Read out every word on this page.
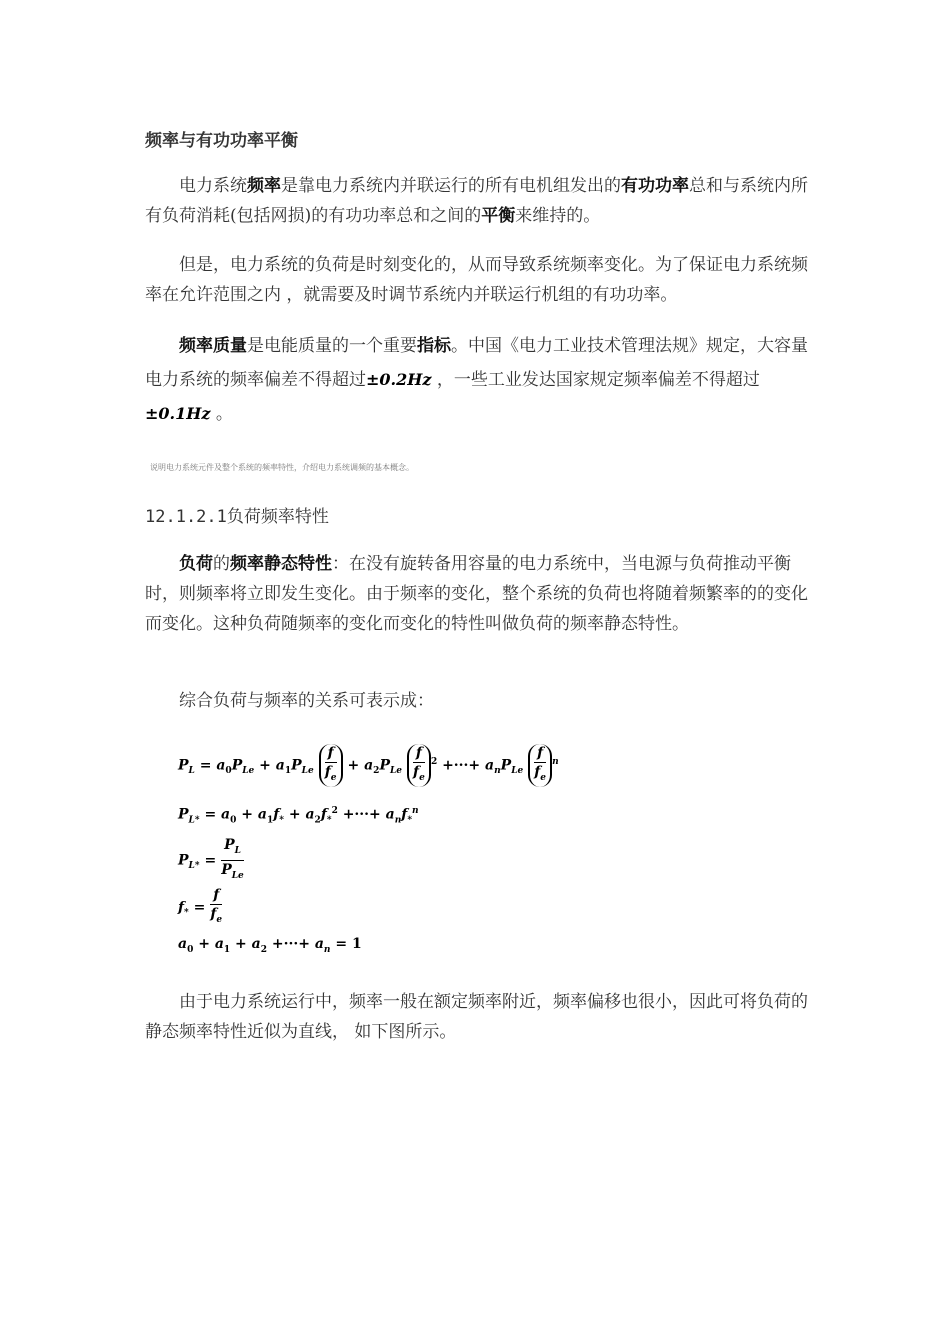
频率与有功功率平衡

电力系统频率是靠电力系统内并联运行的所有电机组发出的有功功率总和与系统内所有负荷消耗(包括网损)的有功功率总和之间的平衡来维持的。

但是，电力系统的负荷是时刻变化的，从而导致系统频率变化。为了保证电力系统频率在允许范围之内 ，就需要及时调节系统内并联运行机组的有功功率。

频率质量是电能质量的一个重要指标。中国《电力工业技术管理法规》规定，大容量电力系统的频率偏差不得超过±0.2Hz ，一些工业发达国家规定频率偏差不得超过±0.1Hz 。

说明电力系统元件及整个系统的频率特性，介绍电力系统调频的基本概念。
12.1.2.1负荷频率特性

负荷的频率静态特性：在没有旋转备用容量的电力系统中，当电源与负荷推动平衡时，则频率将立即发生变化。由于频率的变化，整个系统的负荷也将随着频繁率的的变化而变化。这种负荷随频率的变化而变化的特性叫做负荷的频率静态特性。

综合负荷与频率的关系可表示成：

$P_L = a_0P_{Le} + a_1P_{Le} \frac{f}{f_e} + a_2P_{Le} \frac{f}{f_e} ^2$ +···+ $a_nP_{Le} \frac{f}{f_e} ^n$
$P_{L*} = a_0 + a_1f_* + a_2f_*^2$ +···+ $a_nf_*^n$
$P_{L*} = \frac{P_L}{P_{Le}}$
$f_* = \frac{f}{f_e}$
$a_0 + a_1 + a_2$ +···+ $a_n = 1$

由于电力系统运行中，频率一般在额定频率附近，频率偏移也很小，因此可将负荷的静态频率特性近似为直线， 如下图所示。
